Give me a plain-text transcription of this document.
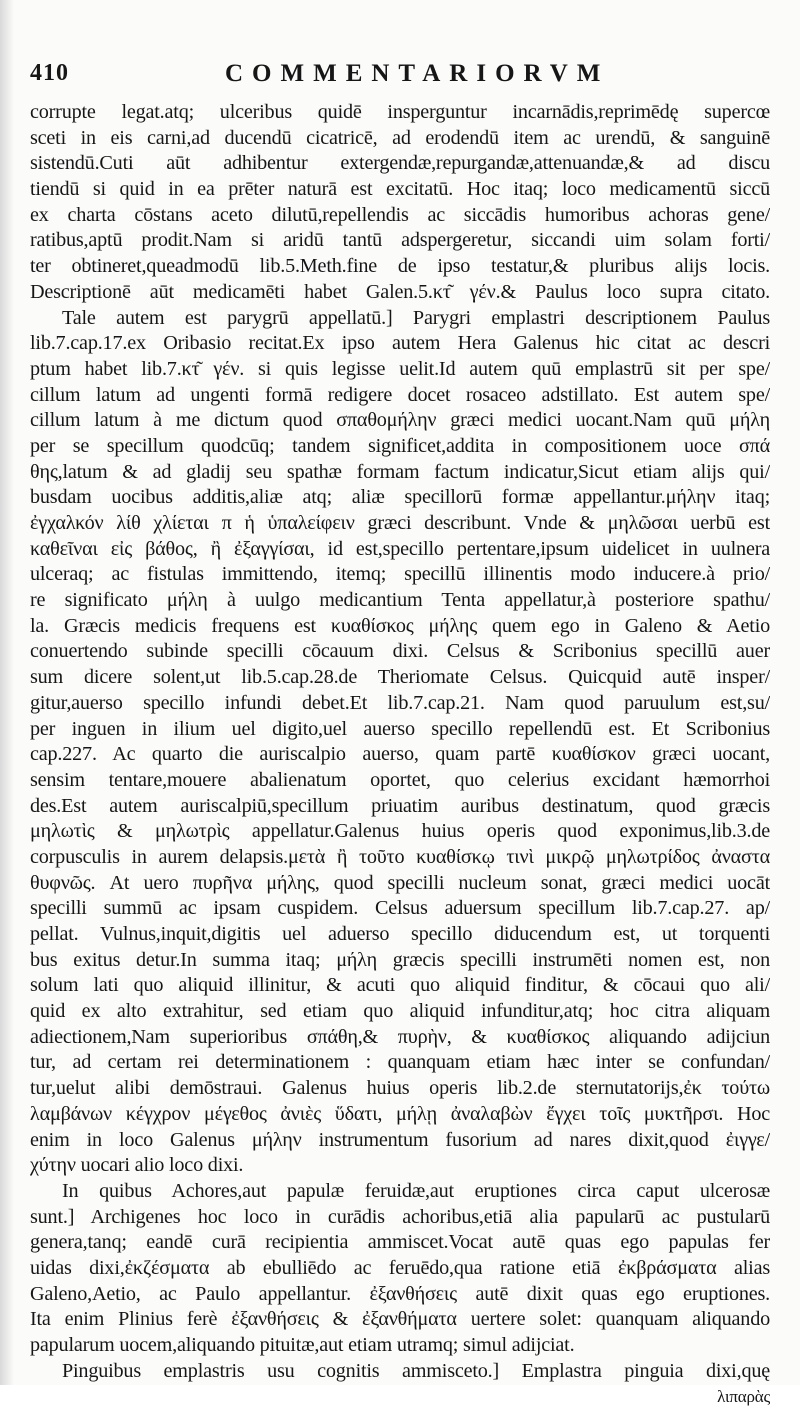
410	COMMENTARIORVM
corrupte legat.atq; ulceribus quidē insperguntur incarnādis,reprimēdę supercœ
sceti in eis carni,ad ducendū cicatricē, ad erodendū item ac urendū, & sanguinē
sistendū.Cuti aūt adhibentur extergendæ,repurgandæ,attenuandæ,& ad discu
tiendū si quid in ea prēter naturā est excitatū. Hoc itaq; loco medicamentū siccū
ex charta cōstans aceto dilutū,repellendis ac siccādis humoribus achoras gene/
ratibus,aptū prodit.Nam si aridū tantū adspergeretur, siccandi uim solam forti/
ter obtineret,queadmodū lib.5.Meth.fine de ipso testatur,& pluribus alijs locis.
Descriptionē aūt medicamēti habet Galen.5.κτ͂ γέν.& Paulus loco supra citato.
Tale autem est parygrū appellatū.] Parygri emplastri descriptionem Paulus
lib.7.cap.17.ex Oribasio recitat.Ex ipso autem Hera Galenus hic citat ac descri
ptum habet lib.7.κτ͂ γέν. si quis legisse uelit.Id autem quū emplastrū sit per spe/
cillum latum ad ungenti formā redigere docet rosaceo adstillato. Est autem spe/
cillum latum à me dictum quod σπαθομήλην græci medici uocant.Nam quū μήλη
per se specillum quodcūq; tandem significet,addita in compositionem uoce σπά
θης,latum & ad gladij seu spathæ formam factum indicatur,Sicut etiam alijs qui/
busdam uocibus additis,aliæ atq; aliæ specillorū formæ appellantur.μήλην itaq;
ἐγχαλκόν λίθ χλίεται π ἡ ὑπαλείφειν græci describunt. Vnde & μηλῶσαι uerbū est
καθεῖναι εἰς βάθος, ἢ ἐξαγγίσαι, id est,specillo pertentare,ipsum uidelicet in uulnera
ulceraq; ac fistulas immittendo, itemq; specillū illinentis modo inducere.à prio/
re significato μήλη à uulgo medicantium Tenta appellatur,à posteriore spathu/
la. Græcis medicis frequens est κυαθίσκος μήλης quem ego in Galeno & Aetio
conuertendo subinde specilli cōcauum dixi. Celsus & Scribonius specillū auer
sum dicere solent,ut lib.5.cap.28.de Theriomate Celsus. Quicquid autē insper/
gitur,auerso specillo infundi debet.Et lib.7.cap.21. Nam quod paruulum est,su/
per inguen in ilium uel digito,uel auerso specillo repellendū est. Et Scribonius
cap.227. Ac quarto die auriscalpio auerso, quam partē κυαθίσκον græci uocant,
sensim tentare,mouere abalienatum oportet, quo celerius excidant hæmorrhoi
des.Est autem auriscalpiū,specillum priuatim auribus destinatum, quod græcis
μηλωτὶς & μηλωτρὶς appellatur.Galenus huius operis quod exponimus,lib.3.de
corpusculis in aurem delapsis.μετὰ ἢ τοῦτο κυαθίσκῳ τινὶ μικρῷ μηλωτρίδος ἀναστα
θυφνῶς. At uero πυρῆνα μήλης, quod specilli nucleum sonat, græci medici uocāt
specilli summū ac ipsam cuspidem. Celsus aduersum specillum lib.7.cap.27. ap/
pellat. Vulnus,inquit,digitis uel aduerso specillo diducendum est, ut torquenti
bus exitus detur.In summa itaq; μήλη græcis specilli instrumēti nomen est, non
solum lati quo aliquid illinitur, & acuti quo aliquid finditur, & cōcaui quo ali/
quid ex alto extrahitur, sed etiam quo aliquid infunditur,atq; hoc citra aliquam
adiectionem,Nam superioribus σπάθη,& πυρὴν, & κυαθίσκος aliquando adijciun
tur, ad certam rei determinationem : quanquam etiam hæc inter se confundan/
tur,uelut alibi demōstraui. Galenus huius operis lib.2.de sternutatorijs,ἐκ τούτω
λαμβάνων κέγχρον μέγεθος ἀνιὲς ὕδατι, μήλῃ ἀναλαβὼν ἔγχει τοῖς μυκτῆρσι. Hoc
enim in loco Galenus μήλην instrumentum fusorium ad nares dixit,quod ἐιγγε/
χύτην uocari alio loco dixi.
In quibus Achores,aut papulæ feruidæ,aut eruptiones circa caput ulcerosæ
sunt.] Archigenes hoc loco in curādis achoribus,etiā alia papularū ac pustularū
genera,tanq; eandē curā recipientia ammiscet.Vocat autē quas ego papulas fer
uidas dixi,ἐκζέσματα ab ebulliēdo ac feruēdo,qua ratione etiā ἐκβράσματα alias
Galeno,Aetio, ac Paulo appellantur. ἐξανθήσεις autē dixit quas ego eruptiones.
Ita enim Plinius ferè ἐξανθήσεις & ἐξανθήματα uertere solet: quanquam aliquando
papularum uocem,aliquando pituitæ,aut etiam utramq; simul adijciat.
Pinguibus emplastris usu cognitis ammisceto.] Emplastra pinguia dixi,quę
λιπαρὰς
